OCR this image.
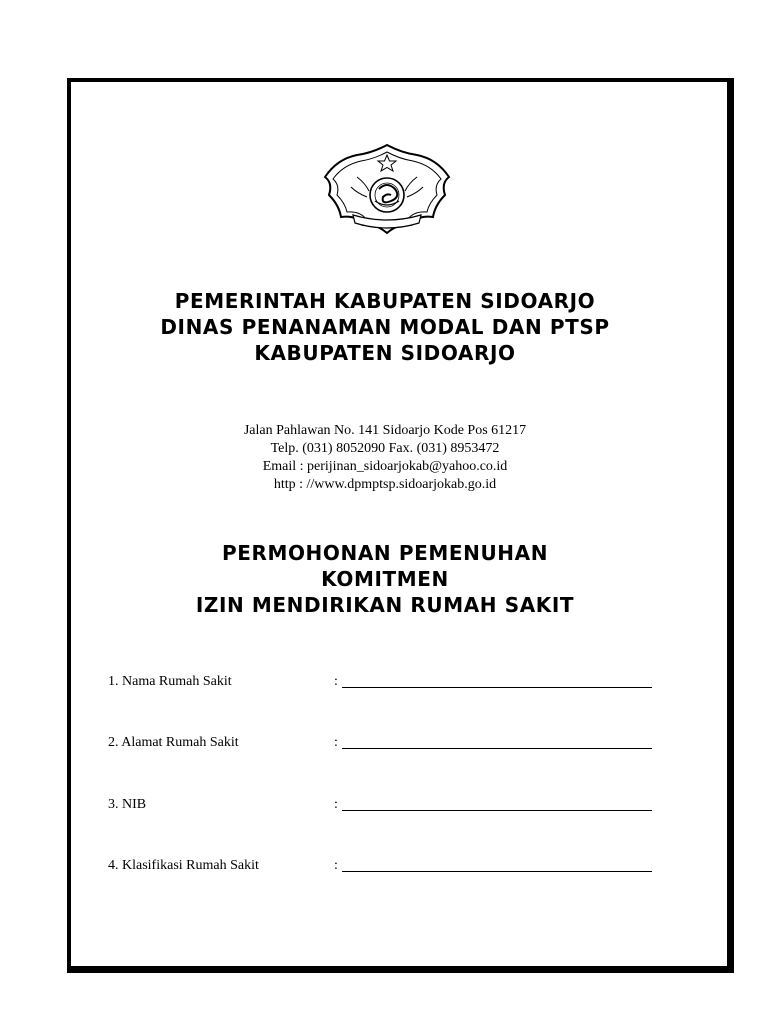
PEMERINTAH KABUPATEN SIDOARJO
DINAS PENANAMAN MODAL DAN PTSP
KABUPATEN SIDOARJO
Jalan Pahlawan No. 141 Sidoarjo Kode Pos 61217
Telp. (031) 8052090 Fax. (031) 8953472
Email : perijinan_sidoarjokab@yahoo.co.id
http : //www.dpmptsp.sidoarjokab.go.id
PERMOHONAN PEMENUHAN
KOMITMEN
IZIN MENDIRIKAN RUMAH SAKIT
1. Nama Rumah Sakit	:
2. Alamat Rumah Sakit	:
3. NIB	:
4. Klasifikasi Rumah Sakit	:
